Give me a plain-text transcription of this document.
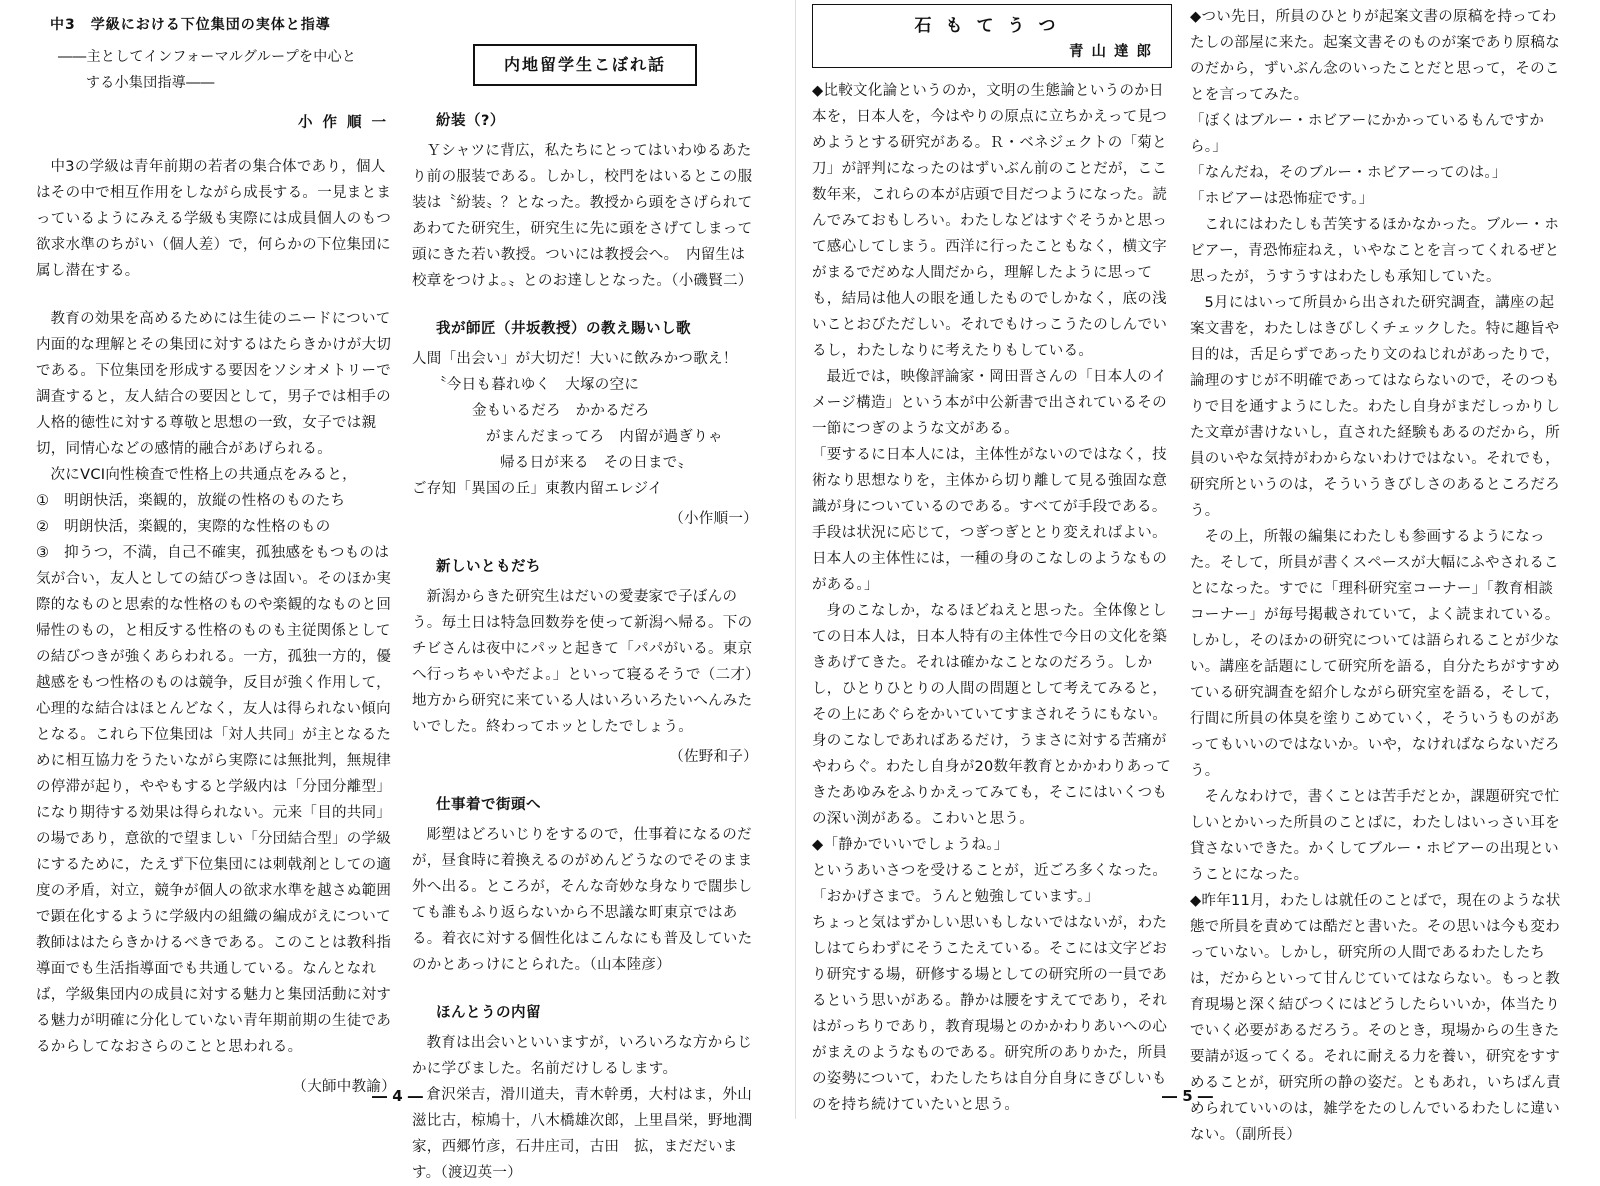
中3　学級における下位集団の実体と指導
――主としてインフォーマルグループを中心と
する小集団指導――
小作順一

中3の学級は青年前期の若者の集合体であり，個人はその中で相互作用をしながら成長する。一見まとまっているようにみえる学級も実際には成員個人のもつ欲求水準のちがい（個人差）で，何らかの下位集団に属し潜在する。

教育の効果を高めるためには生徒のニードについて内面的な理解とその集団に対するはたらきかけが大切である。下位集団を形成する要因をソシオメトリーで調査すると，友人結合の要因として，男子では相手の人格的徳性に対する尊敬と思想の一致，女子では親切，同情心などの感情的融合があげられる。

次にVCI向性検査で性格上の共通点をみると，

①　明朗快活，楽観的，放縦の性格のものたち

②　明朗快活，楽観的，実際的な性格のもの

③　抑うつ，不満，自己不確実，孤独感をもつものは気が合い，友人としての結びつきは固い。そのほか実際的なものと思索的な性格のものや楽観的なものと回帰性のもの，と相反する性格のものも主従関係としての結びつきが強くあらわれる。一方，孤独一方的，優越感をもつ性格のものは競争，反目が強く作用して，心理的な結合はほとんどなく，友人は得られない傾向となる。これら下位集団は「対人共同」が主となるために相互協力をうたいながら実際には無批判，無規律の停滞が起り，ややもすると学級内は「分団分離型」になり期待する効果は得られない。元来「目的共同」の場であり，意欲的で望ましい「分団結合型」の学級にするために，たえず下位集団には刺戟剤としての適度の矛盾，対立，競争が個人の欲求水準を越さぬ範囲で顕在化するように学級内の組織の編成がえについて教師ははたらきかけるべきである。このことは教科指導面でも生活指導面でも共通している。なんとなれば，学級集団内の成員に対する魅力と集団活動に対する魅力が明確に分化していない青年期前期の生徒であるからしてなおさらのことと思われる。

（大師中教諭）
内地留学生こぼれ話
紛装（?）

Ｙシャツに背広，私たちにとってはいわゆるあたり前の服装である。しかし，校門をはいるとこの服装は〝紛装〟？となった。教授から頭をさげられてあわてた研究生，研究生に先に頭をさげてしまって頭にきた若い教授。ついには教授会へ。　内留生は校章をつけよ。〟とのお達しとなった。（小磯賢二）

我が師匠（井坂教授）の教え賜いし歌

人間「出会い」が大切だ！大いに飲みかつ歌え！

〝今日も暮れゆく　大塚の空に

金もいるだろ　かかるだろ

がまんだまってろ　内留が過ぎりゃ

帰る日が来る　その日まで〟

ご存知「異国の丘」東教内留エレジイ

（小作順一）
新しいともだち

新潟からきた研究生はだいの愛妻家で子ぼんのう。毎土日は特急回数券を使って新潟へ帰る。下のチビさんは夜中にパッと起きて「パパがいる。東京へ行っちゃいやだよ。」といって寝るそうで（二才）地方から研究に来ている人はいろいろたいへんみたいでした。終わってホッとしたでしょう。

（佐野和子）
仕事着で街頭へ

彫塑はどろいじりをするので，仕事着になるのだが，昼食時に着換えるのがめんどうなのでそのまま外へ出る。ところが，そんな奇妙な身なりで闊歩しても誰もふり返らないから不思議な町東京ではある。着衣に対する個性化はこんなにも普及していたのかとあっけにとられた。（山本陸彦）

ほんとうの内留

教育は出会いといいますが，いろいろな方からじかに学びました。名前だけしるします。

倉沢栄吉，滑川道夫，青木幹勇，大村はま，外山滋比古，椋鳩十，八木橋雄次郎，上里昌栄，野地潤家，西郷竹彦，石井庄司，古田　拡，まだだいます。（渡辺英一）

― 4 ―
石もてうつ
青山達郎

◆比較文化論というのか，文明の生態論というのか日本を，日本人を，今はやりの原点に立ちかえって見つめようとする研究がある。Ｒ・ベネジェクトの「菊と刀」が評判になったのはずいぶん前のことだが，ここ数年来，これらの本が店頭で目だつようになった。読んでみておもしろい。わたしなどはすぐそうかと思って感心してしまう。西洋に行ったこともなく，横文字がまるでだめな人間だから，理解したように思っても，結局は他人の眼を通したものでしかなく，底の浅いことおびただしい。それでもけっこうたのしんでいるし，わたしなりに考えたりもしている。

最近では，映像評論家・岡田晋さんの「日本人のイメージ構造」という本が中公新書で出されているその一節につぎのような文がある。

「要するに日本人には，主体性がないのではなく，技術なり思想なりを，主体から切り離して見る強固な意識が身についているのである。すべてが手段である。手段は状況に応じて，つぎつぎととり変えればよい。日本人の主体性には，一種の身のこなしのようなものがある。」

身のこなしか，なるほどねえと思った。全体像としての日本人は，日本人特有の主体性で今日の文化を築きあげてきた。それは確かなことなのだろう。しかし，ひとりひとりの人間の問題として考えてみると，その上にあぐらをかいていてすまされそうにもない。身のこなしであればあるだけ，うまさに対する苦痛がやわらぐ。わたし自身が20数年教育とかかわりあってきたあゆみをふりかえってみても，そこにはいくつもの深い渕がある。こわいと思う。

◆「静かでいいでしょうね。」

というあいさつを受けることが，近ごろ多くなった。「おかげさまで。うんと勉強しています。」

ちょっと気はずかしい思いもしないではないが，わたしはてらわずにそうこたえている。そこには文字どおり研究する場，研修する場としての研究所の一員であるという思いがある。静かは腰をすえてであり，それはがっちりであり，教育現場とのかかわりあいへの心がまえのようなものである。研究所のありかた，所員の姿勢について，わたしたちは自分自身にきびしいものを持ち続けていたいと思う。

◆つい先日，所員のひとりが起案文書の原稿を持ってわたしの部屋に来た。起案文書そのものが案であり原稿なのだから，ずいぶん念のいったことだと思って，そのことを言ってみた。

「ぼくはブルー・ホビアーにかかっているもんですから。」

「なんだね，そのブルー・ホビアーってのは。」

「ホビアーは恐怖症です。」

これにはわたしも苦笑するほかなかった。ブルー・ホビアー，青恐怖症ねえ，いやなことを言ってくれるぜと思ったが，うすうすはわたしも承知していた。

5月にはいって所員から出された研究調査，講座の起案文書を，わたしはきびしくチェックした。特に趣旨や目的は，舌足らずであったり文のねじれがあったりで，論理のすじが不明確であってはならないので，そのつもりで目を通すようにした。わたし自身がまだしっかりした文章が書けないし，直された経験もあるのだから，所員のいやな気持がわからないわけではない。それでも，研究所というのは，そういうきびしさのあるところだろう。

その上，所報の編集にわたしも参画するようになった。そして，所員が書くスペースが大幅にふやされることになった。すでに「理科研究室コーナー」「教育相談コーナー」が毎号掲載されていて，よく読まれている。しかし，そのほかの研究については語られることが少ない。講座を話題にして研究所を語る，自分たちがすすめている研究調査を紹介しながら研究室を語る，そして，行間に所員の体臭を塗りこめていく，そういうものがあってもいいのではないか。いや，なければならないだろう。

そんなわけで，書くことは苦手だとか，課題研究で忙しいとかいった所員のことばに，わたしはいっさい耳を貸さないできた。かくしてブルー・ホビアーの出現ということになった。

◆昨年11月，わたしは就任のことばで，現在のような状態で所員を責めては酷だと書いた。その思いは今も変わっていない。しかし，研究所の人間であるわたしたちは，だからといって甘んじていてはならない。もっと教育現場と深く結びつくにはどうしたらいいか，体当たりでいく必要があるだろう。そのとき，現場からの生きた要請が返ってくる。それに耐える力を養い，研究をすすめることが，研究所の静の姿だ。ともあれ，いちばん責められていいのは，雑学をたのしんでいるわたしに違いない。（副所長）

― 5 ―
